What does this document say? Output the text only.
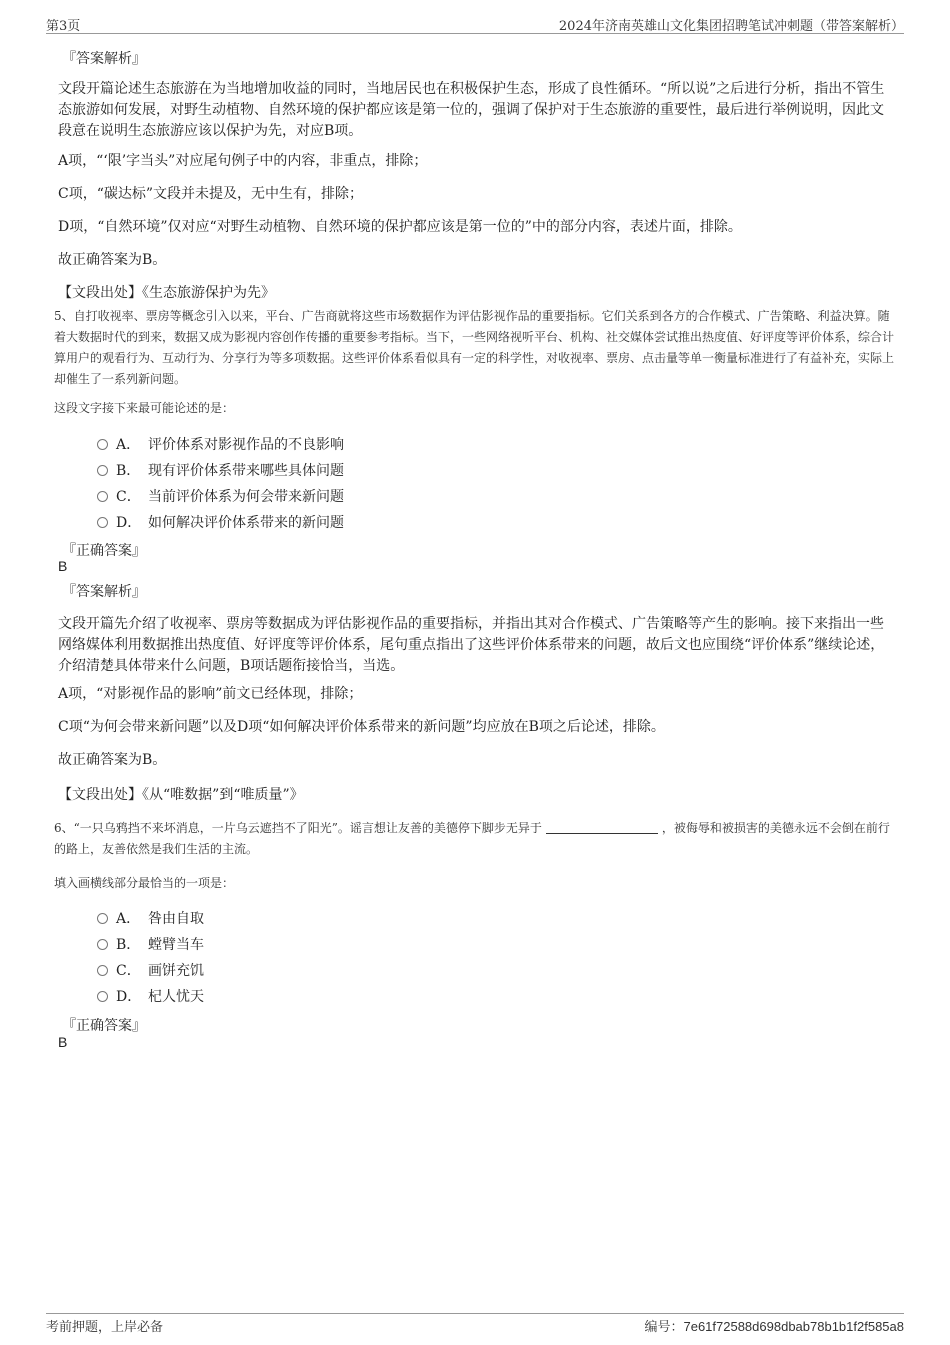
第3页	2024年济南英雄山文化集团招聘笔试冲刺题（带答案解析）
『答案解析』
文段开篇论述生态旅游在为当地增加收益的同时，当地居民也在积极保护生态，形成了良性循环。“所以说”之后进行分析，指出不管生态旅游如何发展，对野生动植物、自然环境的保护都应该是第一位的，强调了保护对于生态旅游的重要性，最后进行举例说明，因此文段意在说明生态旅游应该以保护为先，对应B项。
A项，“‘限’字当头”对应尾句例子中的内容，非重点，排除；
C项，“碳达标”文段并未提及，无中生有，排除；
D项，“自然环境”仅对应“对野生动植物、自然环境的保护都应该是第一位的”中的部分内容，表述片面，排除。
故正确答案为B。
【文段出处】《生态旅游保护为先》
5、自打收视率、票房等概念引入以来，平台、广告商就将这些市场数据作为评估影视作品的重要指标。它们关系到各方的合作模式、广告策略、利益决算。随着大数据时代的到来，数据又成为影视内容创作传播的重要参考指标。当下，一些网络视听平台、机构、社交媒体尝试推出热度值、好评度等评价体系，综合计算用户的观看行为、互动行为、分享行为等多项数据。这些评价体系看似具有一定的科学性，对收视率、票房、点击量等单一衡量标准进行了有益补充，实际上却催生了一系列新问题。
这段文字接下来最可能论述的是：
A． 评价体系对影视作品的不良影响
B． 现有评价体系带来哪些具体问题
C． 当前评价体系为何会带来新问题
D． 如何解决评价体系带来的新问题
『正确答案』
B
『答案解析』
文段开篇先介绍了收视率、票房等数据成为评估影视作品的重要指标，并指出其对合作模式、广告策略等产生的影响。接下来指出一些网络媒体利用数据推出热度值、好评度等评价体系，尾句重点指出了这些评价体系带来的问题，故后文也应围绕“评价体系”继续论述，介绍清楚具体带来什么问题，B项话题衔接恰当，当选。
A项，“对影视作品的影响”前文已经体现，排除；
C项“为何会带来新问题”以及D项“如何解决评价体系带来的新问题”均应放在B项之后论述，排除。
故正确答案为B。
【文段出处】《从“唯数据”到“唯质量”》
6、“一只乌鸦挡不来坏消息，一片乌云遮挡不了阳光”。谣言想让友善的美德停下脚步无异于	，被侮辱和被损害的美德永远不会倒在前行的路上，友善依然是我们生活的主流。
填入画横线部分最恰当的一项是：
A． 咎由自取
B． 螳臂当车
C． 画饼充饥
D． 杞人忧天
『正确答案』
B
考前押题，上岸必备	编号：7e61f72588d698dbab78b1b1f2f585a8
